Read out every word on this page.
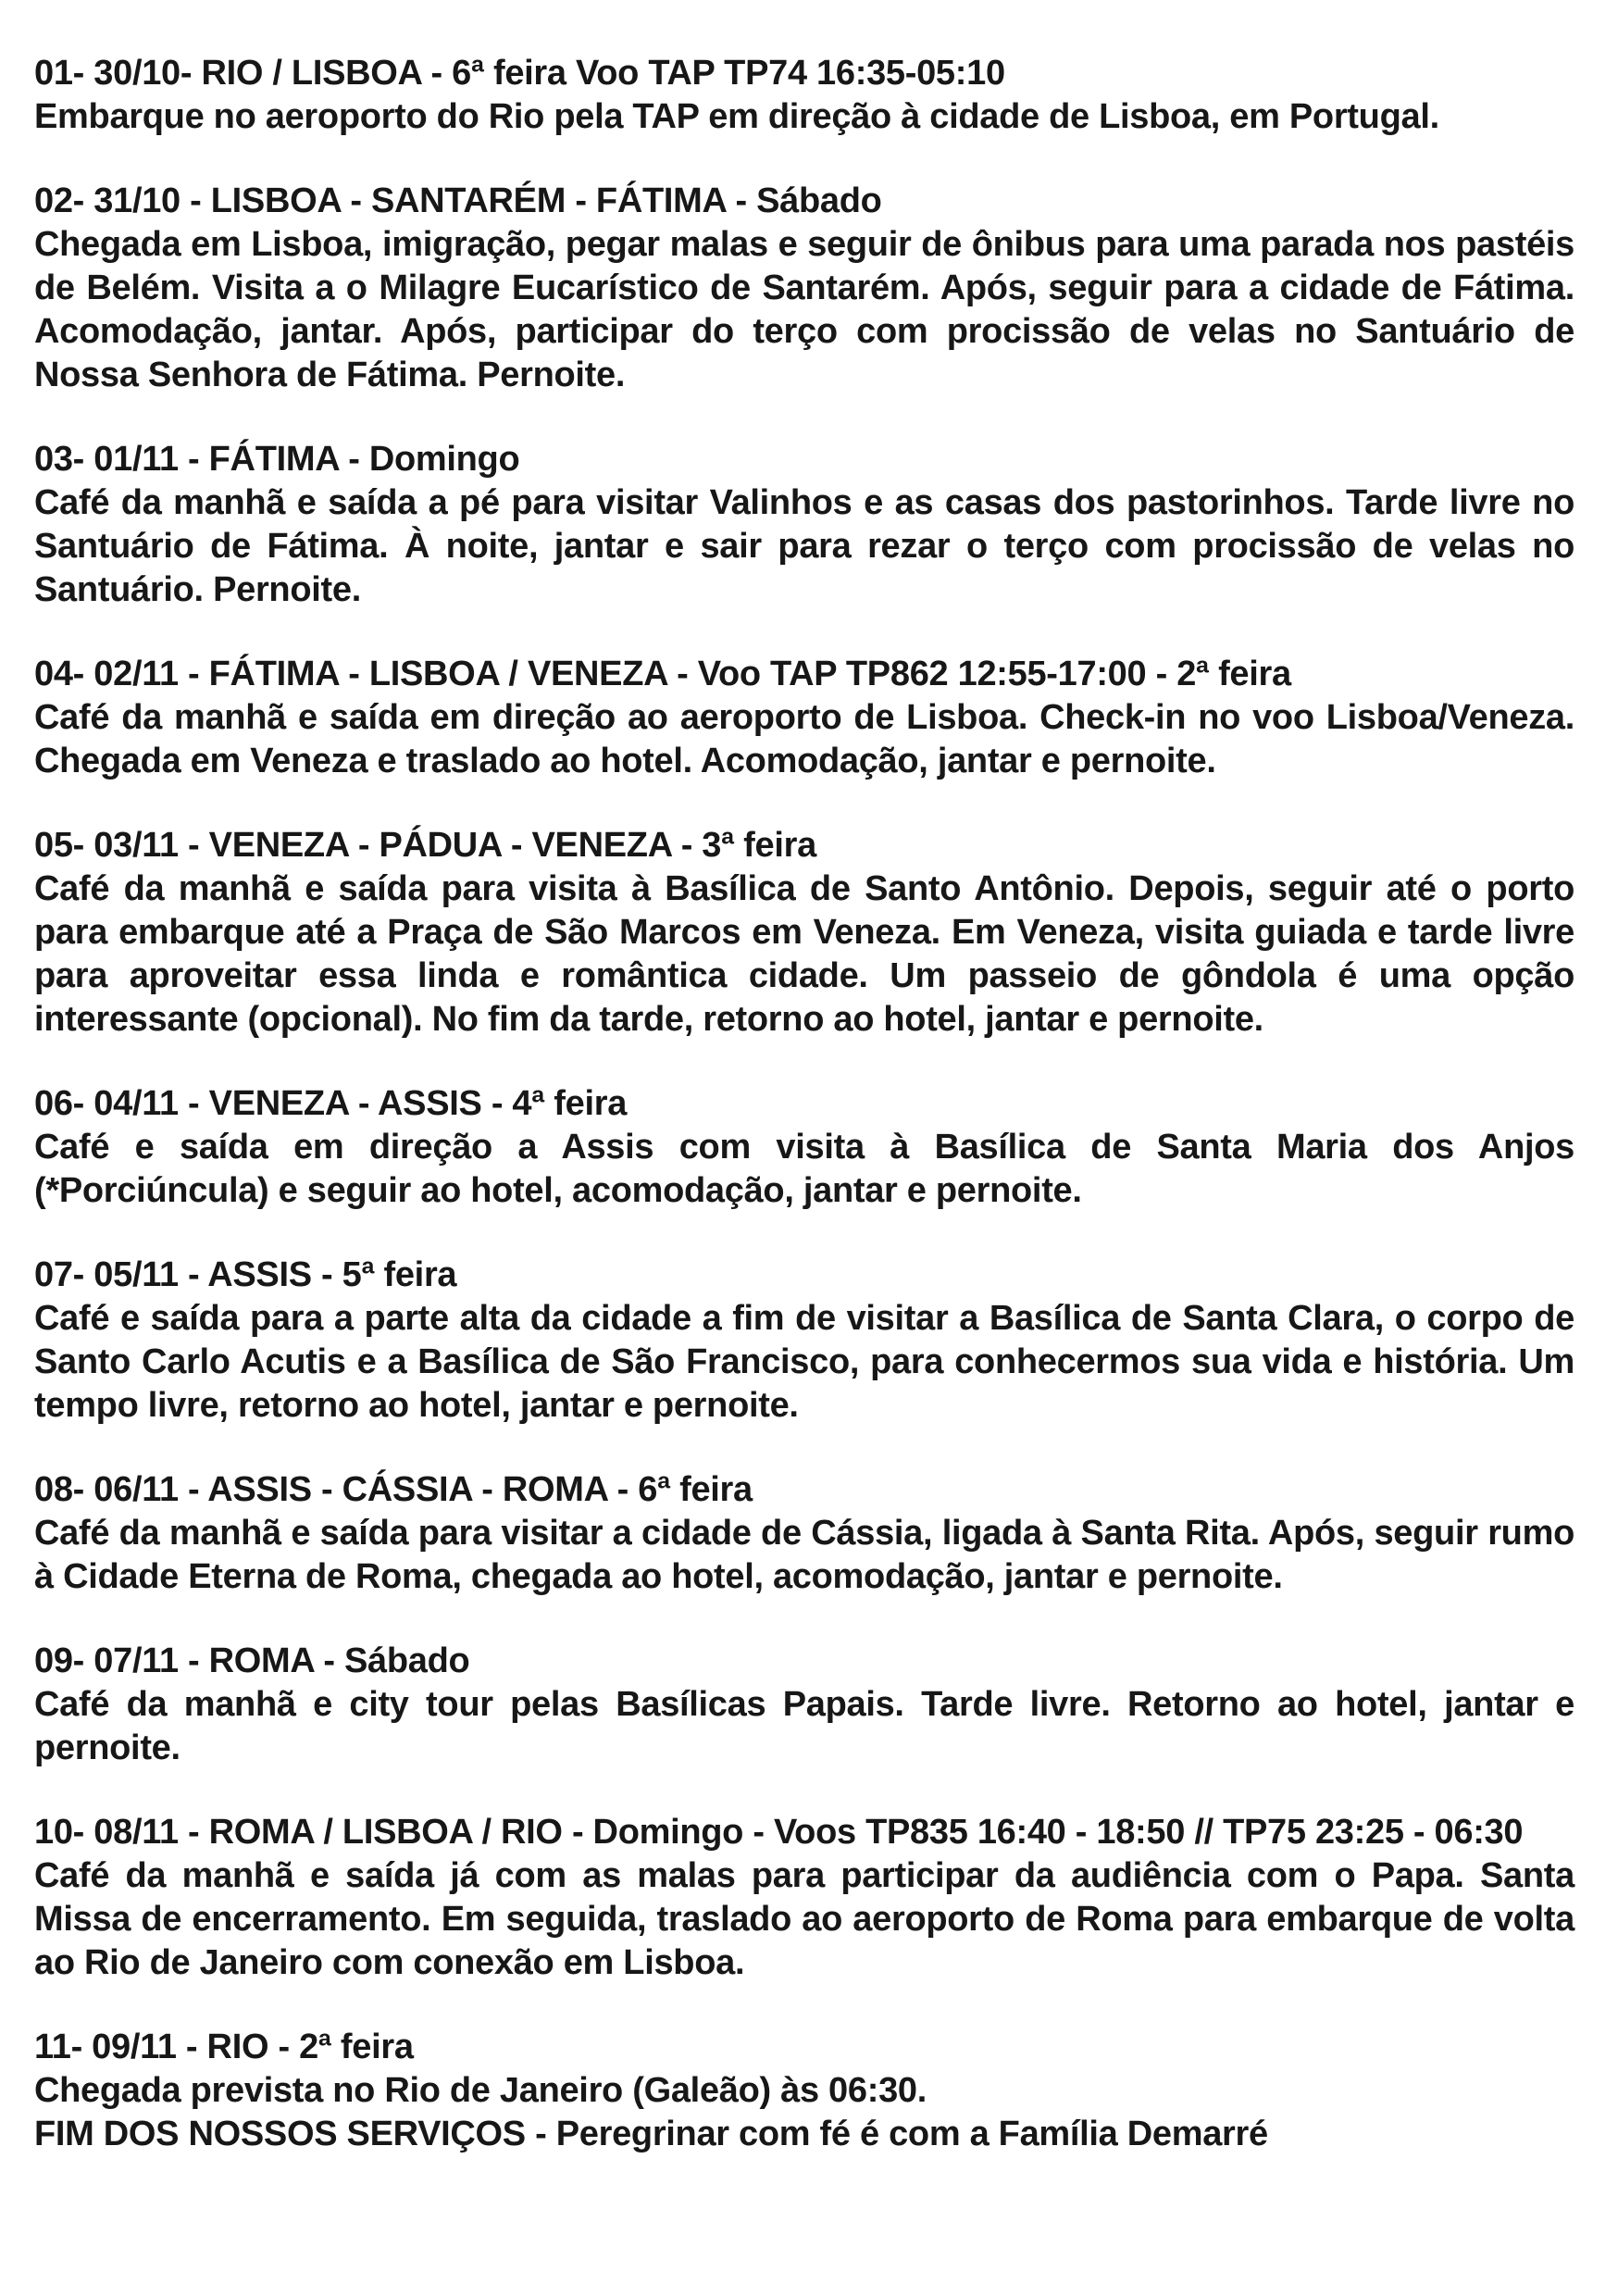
01- 30/10- RIO / LISBOA - 6ª feira Voo TAP TP74 16:35-05:10

Embarque no aeroporto do Rio pela TAP em direção à cidade de Lisboa, em Portugal.

02- 31/10 - LISBOA - SANTARÉM - FÁTIMA - Sábado

Chegada em Lisboa, imigração, pegar malas e seguir de ônibus para uma parada nos pastéis de Belém. Visita a o Milagre Eucarístico de Santarém. Após, seguir para a cidade de Fátima. Acomodação, jantar. Após, participar do terço com procissão de velas no Santuário de Nossa Senhora de Fátima. Pernoite.

03- 01/11 - FÁTIMA - Domingo

Café da manhã e saída a pé para visitar Valinhos e as casas dos pastorinhos. Tarde livre no Santuário de Fátima. À noite, jantar e sair para rezar o terço com procissão de velas no Santuário. Pernoite.

04- 02/11 - FÁTIMA - LISBOA / VENEZA - Voo TAP TP862 12:55-17:00 - 2ª feira

Café da manhã e saída em direção ao aeroporto de Lisboa. Check-in no voo Lisboa/Veneza. Chegada em Veneza e traslado ao hotel. Acomodação, jantar e pernoite.

05- 03/11 - VENEZA - PÁDUA - VENEZA - 3ª feira

Café da manhã e saída para visita à Basílica de Santo Antônio. Depois, seguir até o porto para embarque até a Praça de São Marcos em Veneza. Em Veneza, visita guiada e tarde livre para aproveitar essa linda e romântica cidade. Um passeio de gôndola é uma opção interessante (opcional). No fim da tarde, retorno ao hotel, jantar e pernoite.

06- 04/11 - VENEZA - ASSIS - 4ª feira

Café e saída em direção a Assis com visita à Basílica de Santa Maria dos Anjos (*Porciúncula) e seguir ao hotel, acomodação, jantar e pernoite.

07- 05/11 - ASSIS - 5ª feira

Café e saída para a parte alta da cidade a fim de visitar a Basílica de Santa Clara, o corpo de Santo Carlo Acutis e a Basílica de São Francisco, para conhecermos sua vida e história. Um tempo livre, retorno ao hotel, jantar e pernoite.

08- 06/11 - ASSIS - CÁSSIA - ROMA - 6ª feira

Café da manhã e saída para visitar a cidade de Cássia, ligada à Santa Rita. Após, seguir rumo à Cidade Eterna de Roma, chegada ao hotel, acomodação, jantar e pernoite.

09- 07/11 - ROMA - Sábado

Café da manhã e city tour pelas Basílicas Papais. Tarde livre. Retorno ao hotel, jantar e pernoite.

10- 08/11 - ROMA / LISBOA / RIO - Domingo - Voos TP835 16:40 - 18:50 // TP75 23:25 - 06:30

Café da manhã e saída já com as malas para participar da audiência com o Papa. Santa Missa de encerramento. Em seguida, traslado ao aeroporto de Roma para embarque de volta ao Rio de Janeiro com conexão em Lisboa.

11- 09/11 - RIO - 2ª feira

Chegada prevista no Rio de Janeiro (Galeão) às 06:30.

FIM DOS NOSSOS SERVIÇOS - Peregrinar com fé é com a Família Demarré
